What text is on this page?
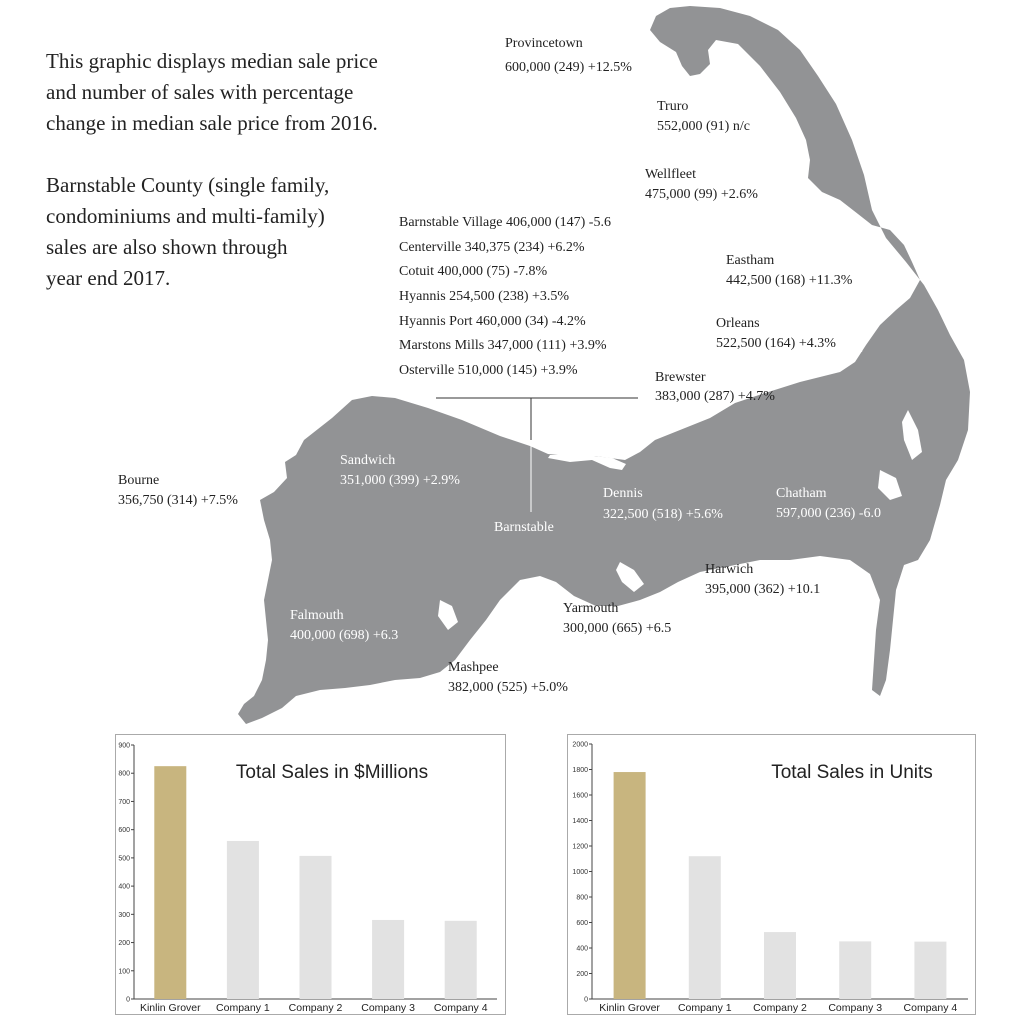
This graphic displays median sale price

and number of sales with percentage

change in median sale price from 2016.

Barnstable County (single family,

condominiums and multi-family)

sales are also shown through

year end 2017.

Provincetown
600,000 (249) +12.5%
Truro
552,000 (91) n/c
Wellfleet
475,000 (99) +2.6%
Eastham
442,500 (168) +11.3%
Orleans
522,500 (164) +4.3%
Brewster
383,000 (287) +4.7%
Bourne
356,750 (314) +7.5%
Harwich
395,000 (362) +10.1
Yarmouth
300,000 (665) +6.5
Mashpee
382,000 (525) +5.0%
Barnstable Village 406,000 (147) -5.6
Centerville 340,375 (234) +6.2%
Cotuit 400,000 (75) -7.8%
Hyannis 254,500 (238) +3.5%
Hyannis Port 460,000 (34) -4.2%
Marstons Mills 347,000 (111) +3.9%
Osterville 510,000 (145) +3.9%
Sandwich
351,000 (399) +2.9%
Dennis
322,500 (518) +5.6%
Chatham
597,000 (236) -6.0
Barnstable
Falmouth
400,000 (698) +6.3
0
100
200
300
400
500
600
700
800
900
Kinlin Grover Company 1 Company 2 Company 3 Company 4
Total Sales in $Millions
0
200
400
600
800
1000
1200
1400
1600
1800
2000
Kinlin Grover Company 1 Company 2 Company 3 Company 4
Total Sales in Units
